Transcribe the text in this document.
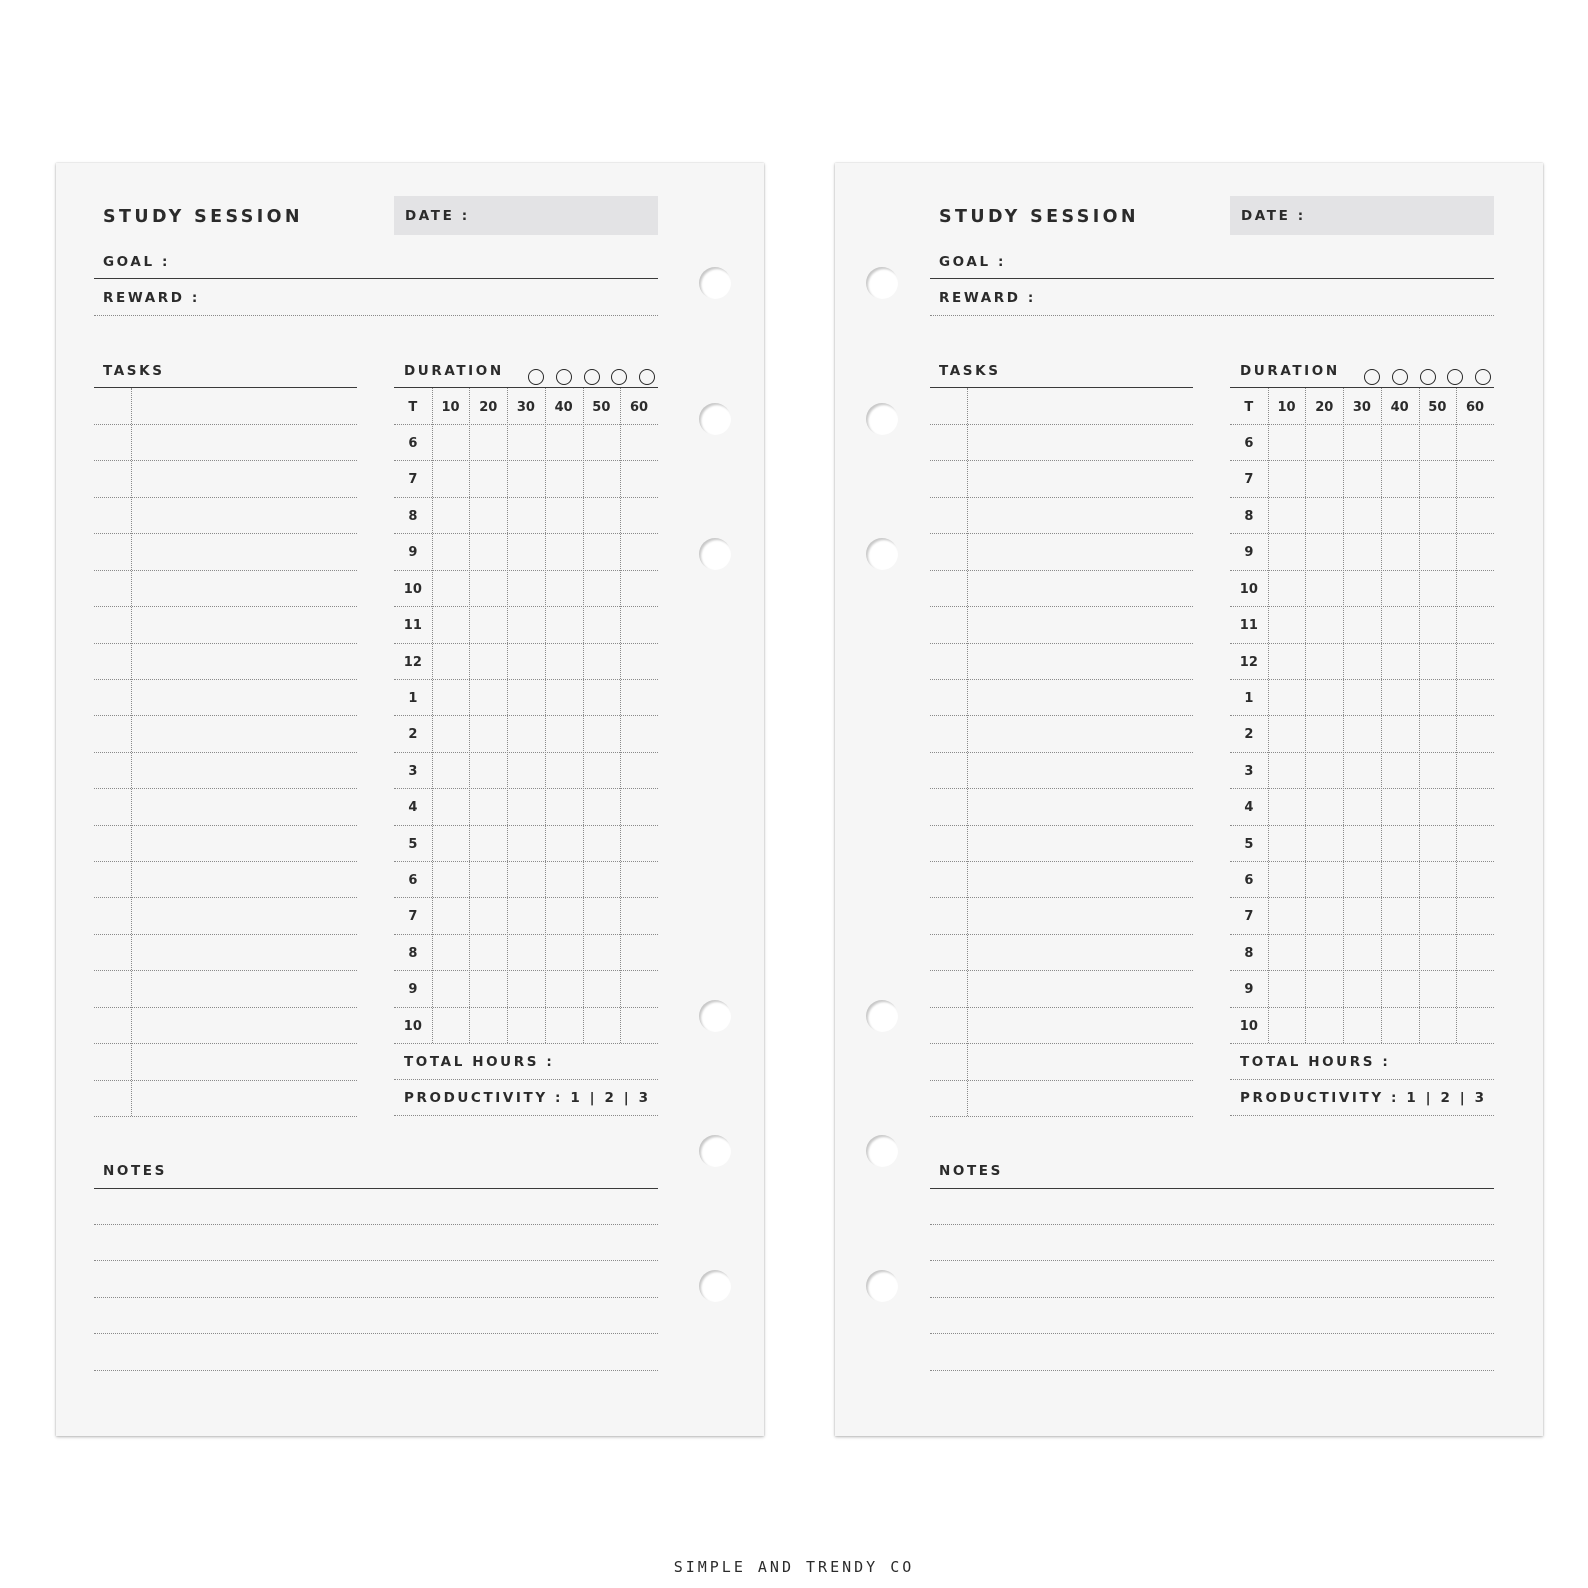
STUDY SESSION	DATE :
GOAL :
REWARD :
TASKS	DURATION
T	10	20	30	40	50	60
6
7
8
9
10
11
12
1
2
3
4
5
6
7
8
9
10
TOTAL HOURS :
PRODUCTIVITY : 1 | 2 | 3
NOTES
STUDY SESSION	DATE :
GOAL :
REWARD :
TASKS	DURATION
T	10	20	30	40	50	60
6
7
8
9
10
11
12
1
2
3
4
5
6
7
8
9
10
TOTAL HOURS :
PRODUCTIVITY : 1 | 2 | 3
NOTES
SIMPLE AND TRENDY CO
